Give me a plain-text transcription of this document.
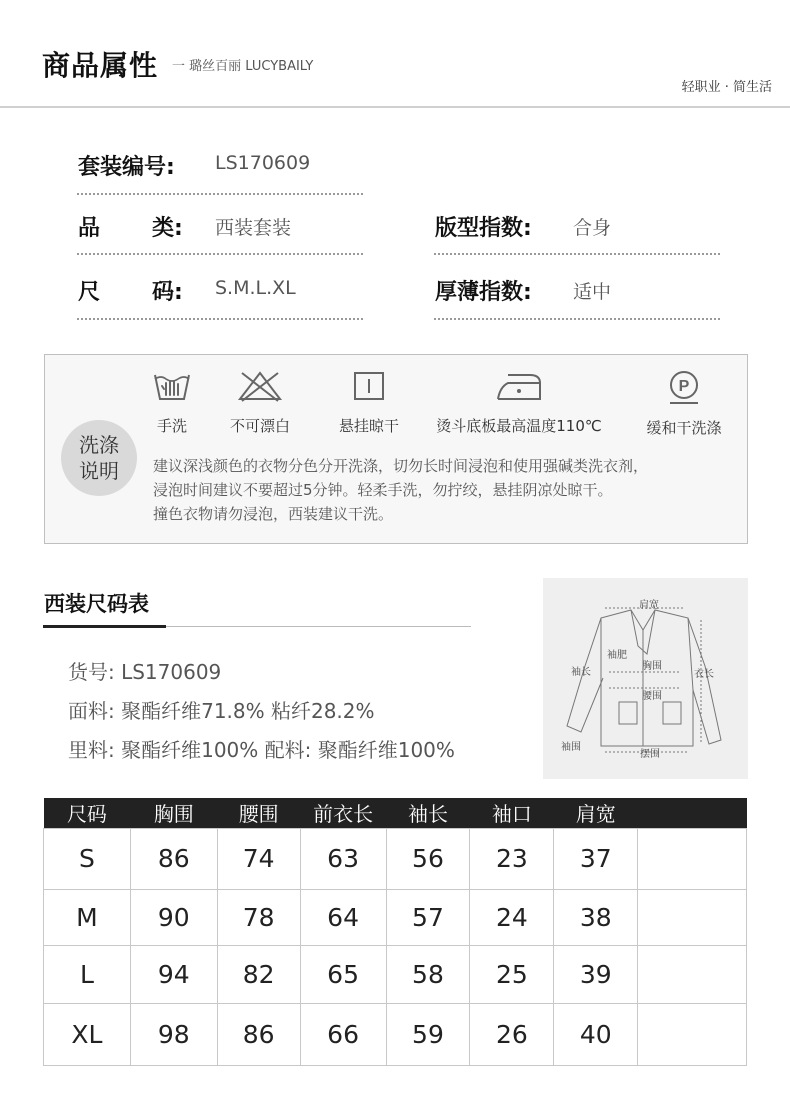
商品属性 一 璐丝百丽 LUCYBAILY
轻职业 · 简生活
套装编号: LS170609
品 类: 西装套装
尺 码: S.M.L.XL
版型指数: 合身
厚薄指数: 适中
洗涤
说明
手洗	不可漂白	悬挂晾干	烫斗底板最高温度110℃
P
缓和干洗涤
建议深浅颜色的衣物分色分开洗涤，切勿长时间浸泡和使用强碱类洗衣剂，
浸泡时间建议不要超过5分钟。轻柔手洗，勿拧绞，悬挂阴凉处晾干。
撞色衣物请勿浸泡，西装建议干洗。
西装尺码表
货号: LS170609
面料: 聚酯纤维71.8% 粘纤28.2%
里料: 聚酯纤维100% 配料: 聚酯纤维100%
肩宽
袖肥
袖长
胸围
衣长
腰围
袖围
摆围
尺码	胸围	腰围	前衣长	袖长	袖口	肩宽	
S	86	74	63	56	23	37	
M	90	78	64	57	24	38	
L	94	82	65	58	25	39	
XL	98	86	66	59	26	40	
